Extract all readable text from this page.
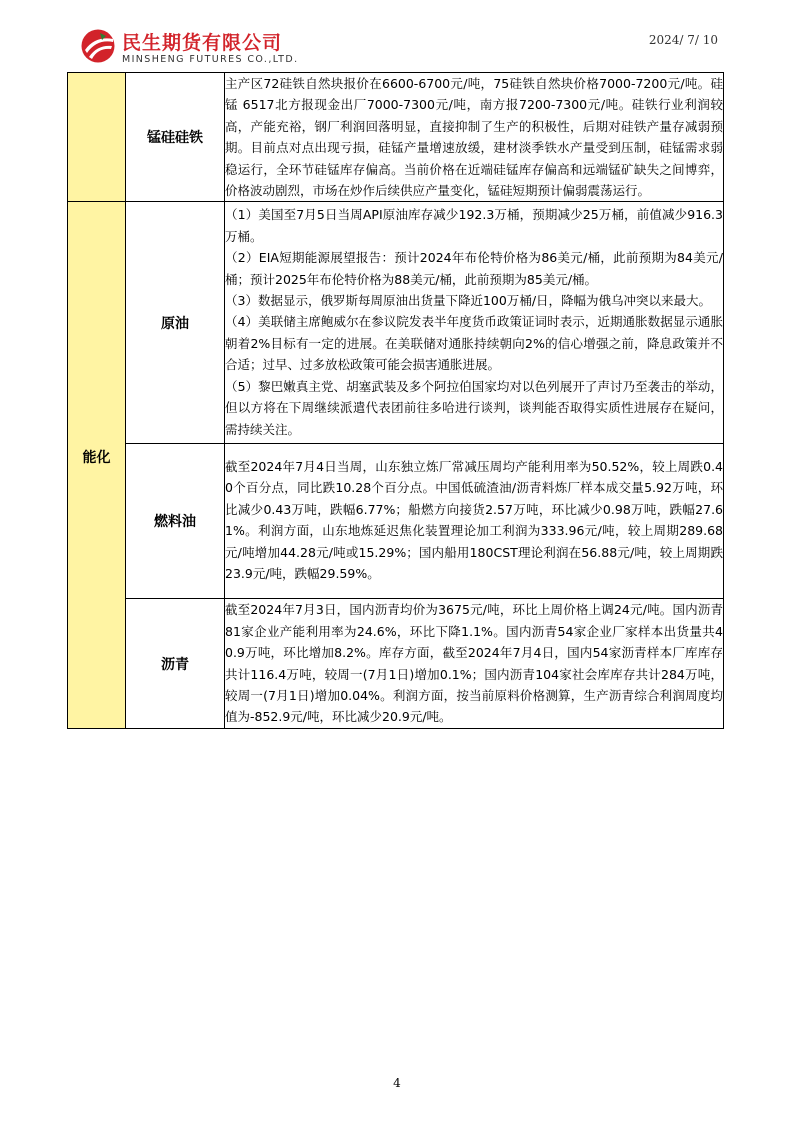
民生期货有限公司
MINSHENG FUTURES CO.,LTD.
2024/ 7/ 10
	锰硅硅铁	主产区72硅铁自然块报价在6600-6700元/吨，75硅铁自然块价格7000-7200元/吨。硅锰 6517北方报现金出厂7000-7300元/吨，南方报7200-7300元/吨。硅铁行业利润较高，产能充裕，钢厂利润回落明显，直接抑制了生产的积极性，后期对硅铁产量存减弱预期。目前点对点出现亏损，硅锰产量增速放缓，建材淡季铁水产量受到压制，硅锰需求弱稳运行，全环节硅锰库存偏高。当前价格在近端硅锰库存偏高和远端锰矿缺失之间博弈，价格波动剧烈，市场在炒作后续供应产量变化，锰硅短期预计偏弱震荡运行。

能化	原油	（1）美国至7月5日当周API原油库存减少192.3万桶，预期减少25万桶，前值减少916.3万桶。

（2）EIA短期能源展望报告：预计2024年布伦特价格为86美元/桶，此前预期为84美元/桶；预计2025年布伦特价格为88美元/桶，此前预期为85美元/桶。

（3）数据显示，俄罗斯每周原油出货量下降近100万桶/日，降幅为俄乌冲突以来最大。

（4）美联储主席鲍威尔在参议院发表半年度货币政策证词时表示，近期通胀数据显示通胀朝着2%目标有一定的进展。在美联储对通胀持续朝向2%的信心增强之前，降息政策并不合适；过早、过多放松政策可能会损害通胀进展。

（5）黎巴嫩真主党、胡塞武装及多个阿拉伯国家均对以色列展开了声讨乃至袭击的举动，但以方将在下周继续派遣代表团前往多哈进行谈判，谈判能否取得实质性进展存在疑问，需持续关注。

	燃料油	截至2024年7月4日当周，山东独立炼厂常减压周均产能利用率为50.52%，较上周跌0.40个百分点，同比跌10.28个百分点。中国低硫渣油/沥青料炼厂样本成交量5.92万吨，环比减少0.43万吨，跌幅6.77%；船燃方向接货2.57万吨，环比减少0.98万吨，跌幅27.61%。利润方面，山东地炼延迟焦化装置理论加工利润为333.96元/吨，较上周期289.68元/吨增加44.28元/吨或15.29%；国内船用180CST理论利润在56.88元/吨，较上周期跌23.9元/吨，跌幅29.59%。

	沥青	截至2024年7月3日，国内沥青均价为3675元/吨，环比上周价格上调24元/吨。国内沥青81家企业产能利用率为24.6%，环比下降1.1%。国内沥青54家企业厂家样本出货量共40.9万吨，环比增加8.2%。库存方面，截至2024年7月4日，国内54家沥青样本厂库库存共计116.4万吨，较周一(7月1日)增加0.1%；国内沥青104家社会库库存共计284万吨，较周一(7月1日)增加0.04%。利润方面，按当前原料价格测算，生产沥青综合利润周度均值为-852.9元/吨，环比减少20.9元/吨。

4
